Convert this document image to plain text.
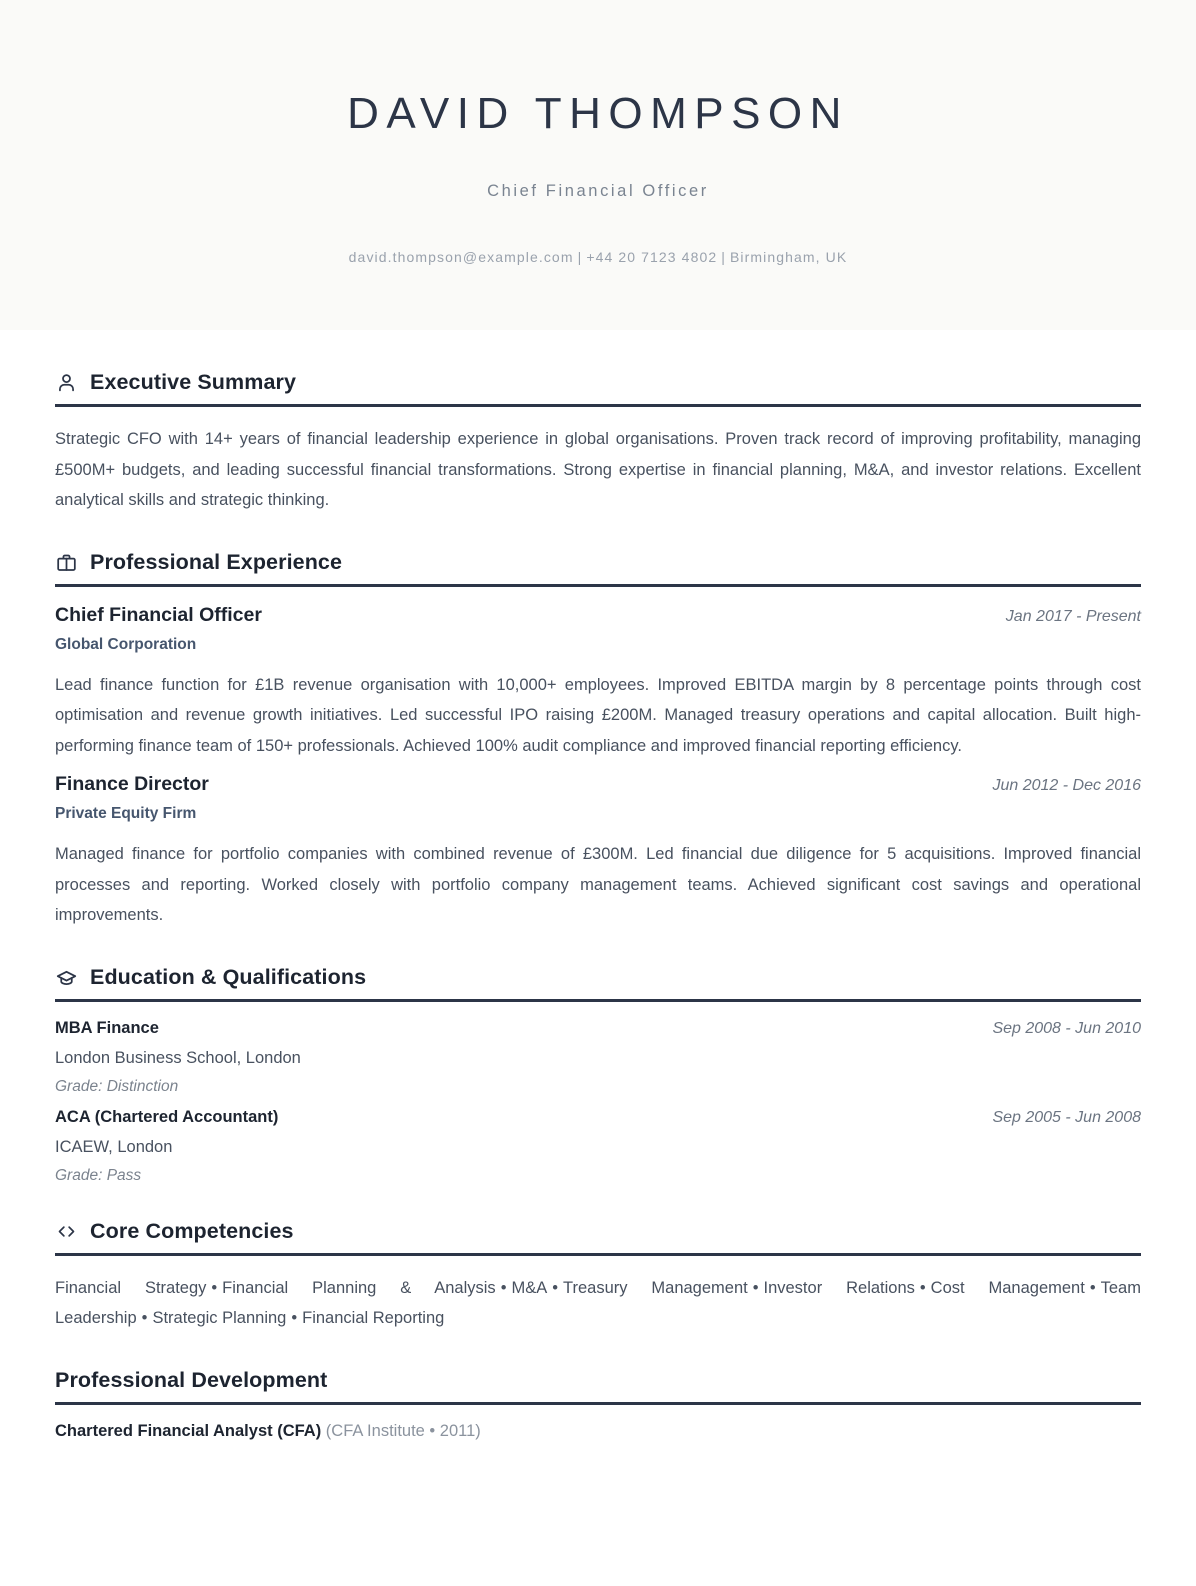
DAVID THOMPSON
Chief Financial Officer
david.thompson@example.com | +44 20 7123 4802 | Birmingham, UK
Executive Summary

Strategic CFO with 14+ years of financial leadership experience in global organisations. Proven track record of improving profitability, managing £500M+ budgets, and leading successful financial transformations. Strong expertise in financial planning, M&A, and investor relations. Excellent analytical skills and strategic thinking.

Professional Experience
Chief Financial Officer	Jan 2017 - Present
Global Corporation

Lead finance function for £1B revenue organisation with 10,000+ employees. Improved EBITDA margin by 8 percentage points through cost optimisation and revenue growth initiatives. Led successful IPO raising £200M. Managed treasury operations and capital allocation. Built high-performing finance team of 150+ professionals. Achieved 100% audit compliance and improved financial reporting efficiency.

Finance Director	Jun 2012 - Dec 2016
Private Equity Firm

Managed finance for portfolio companies with combined revenue of £300M. Led financial due diligence for 5 acquisitions. Improved financial processes and reporting. Worked closely with portfolio company management teams. Achieved significant cost savings and operational improvements.

Education & Qualifications
MBA Finance	Sep 2008 - Jun 2010
London Business School, London
Grade: Distinction
ACA (Chartered Accountant)	Sep 2005 - Jun 2008
ICAEW, London
Grade: Pass
Core Competencies

Financial Strategy • Financial Planning & Analysis • M&A • Treasury Management • Investor Relations • Cost Management • Team Leadership • Strategic Planning • Financial Reporting

Professional Development
Chartered Financial Analyst (CFA) (CFA Institute • 2011)
